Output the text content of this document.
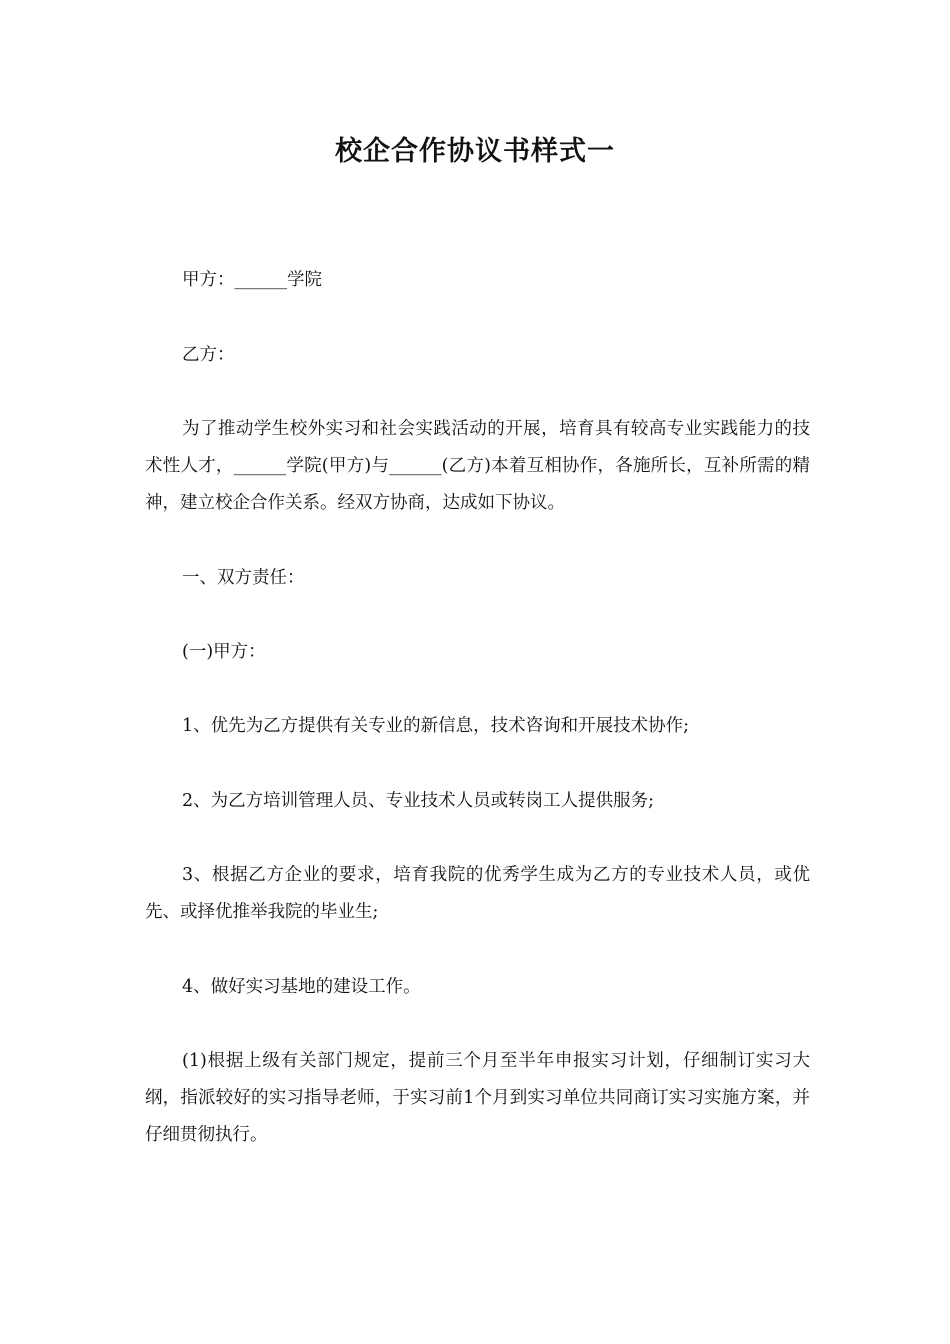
校企合作协议书样式一

甲方：______学院

乙方：

为了推动学生校外实习和社会实践活动的开展，培育具有较高专业实践能力的技术性人才，______学院(甲方)与______(乙方)本着互相协作，各施所长，互补所需的精神，建立校企合作关系。经双方协商，达成如下协议。

一、双方责任：

(一)甲方：

1、优先为乙方提供有关专业的新信息，技术咨询和开展技术协作;

2、为乙方培训管理人员、专业技术人员或转岗工人提供服务;

3、根据乙方企业的要求，培育我院的优秀学生成为乙方的专业技术人员，或优先、或择优推举我院的毕业生;

4、做好实习基地的建设工作。

(1)根据上级有关部门规定，提前三个月至半年申报实习计划，仔细制订实习大纲，指派较好的实习指导老师，于实习前1个月到实习单位共同商订实习实施方案，并仔细贯彻执行。
